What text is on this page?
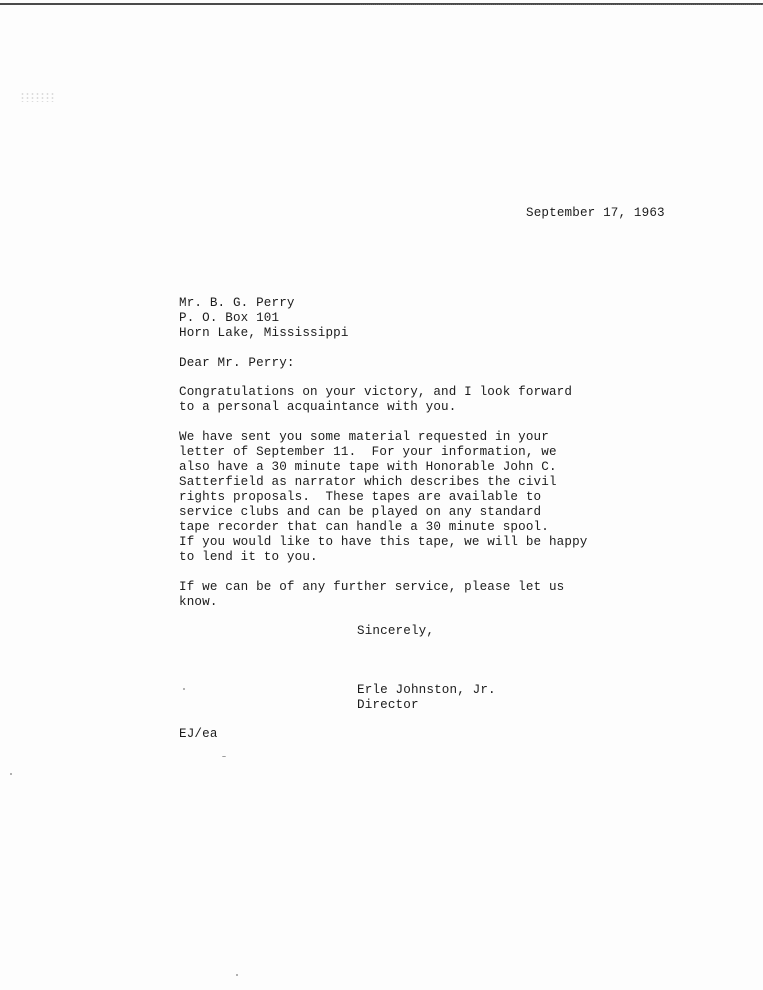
September 17, 1963
Mr. B. G. Perry
P. O. Box 101
Horn Lake, Mississippi
Dear Mr. Perry:
Congratulations on your victory, and I look forward
to a personal acquaintance with you.
We have sent you some material requested in your
letter of September 11.  For your information, we
also have a 30 minute tape with Honorable John C.
Satterfield as narrator which describes the civil
rights proposals.  These tapes are available to
service clubs and can be played on any standard
tape recorder that can handle a 30 minute spool.
If you would like to have this tape, we will be happy
to lend it to you.
If we can be of any further service, please let us
know.
Sincerely,
Erle Johnston, Jr.
Director
EJ/ea
